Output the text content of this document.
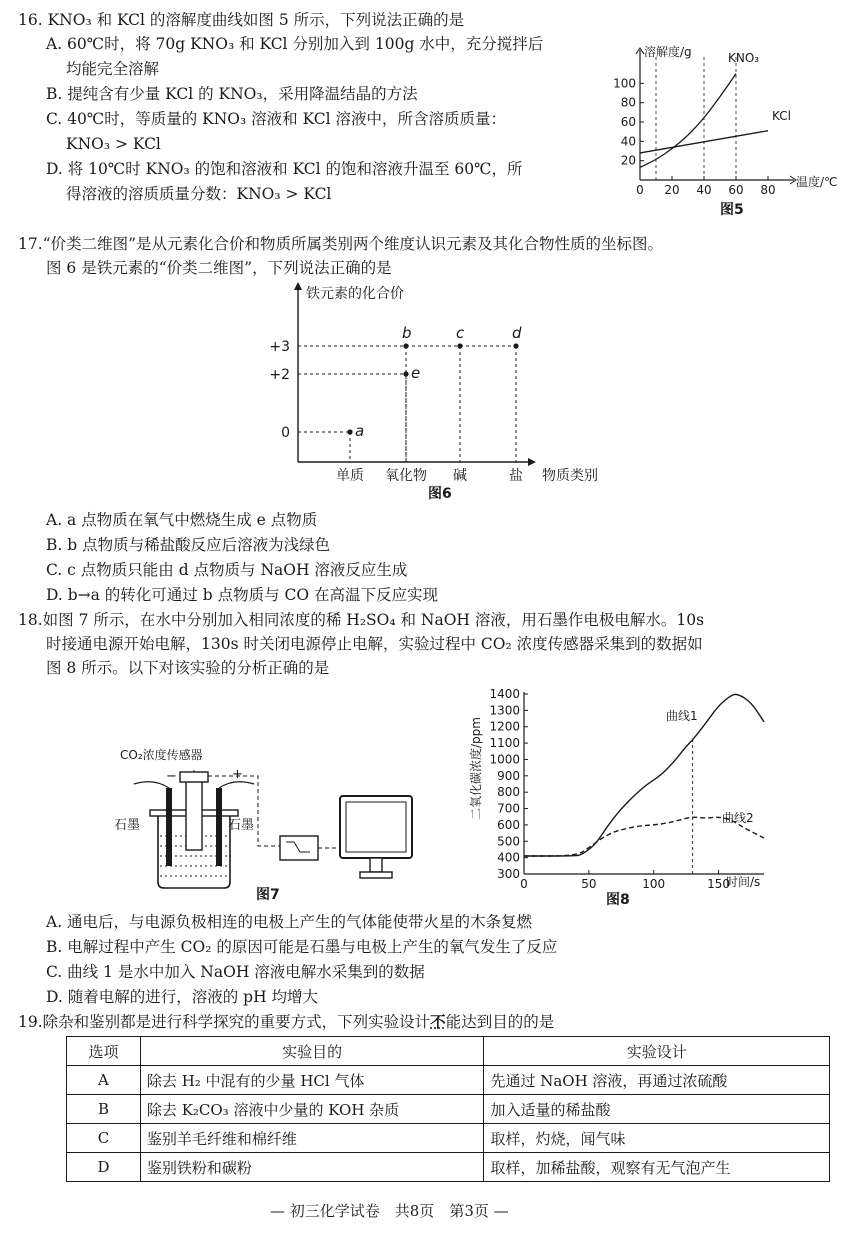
16. KNO₃ 和 KCl 的溶解度曲线如图 5 所示，下列说法正确的是
A. 60℃时，将 70g KNO₃ 和 KCl 分别加入到 100g 水中，充分搅拌后
均能完全溶解
B. 提纯含有少量 KCl 的 KNO₃，采用降温结晶的方法
C. 40℃时，等质量的 KNO₃ 溶液和 KCl 溶液中，所含溶质质量：
KNO₃ > KCl
D. 将 10℃时 KNO₃ 的饱和溶液和 KCl 的饱和溶液升温至 60℃，所
得溶液的溶质质量分数：KNO₃ > KCl
20
40
60
80
100
0 20 40 60 80
溶解度/g
温度/℃
KNO₃
KCl
图5
17.“价类二维图”是从元素化合价和物质所属类别两个维度认识元素及其化合物性质的坐标图。
图 6 是铁元素的“价类二维图”，下列说法正确的是
a
b
e
c	d
+3
+2
0
单质 氧化物 碱	盐
铁元素的化合价
物质类别
图6
A. a 点物质在氧气中燃烧生成 e 点物质
B. b 点物质与稀盐酸反应后溶液为浅绿色
C. c 点物质只能由 d 点物质与 NaOH 溶液反应生成
D. b→a 的转化可通过 b 点物质与 CO 在高温下反应实现
18.如图 7 所示，在水中分别加入相同浓度的稀 H₂SO₄ 和 NaOH 溶液，用石墨作电极电解水。10s
时接通电源开始电解，130s 时关闭电源停止电解，实验过程中 CO₂ 浓度传感器采集到的数据如
图 8 所示。以下对该实验的分析正确的是
−	+
CO₂浓度传感器
石墨	石墨
图7
300
400
500
600
700
800
900
1000
1100
1200
1300
1400
0	50	100	150
二氧化碳浓度/ppm
时间/s
曲线1
曲线2
图8
A. 通电后，与电源负极相连的电极上产生的气体能使带火星的木条复燃
B. 电解过程中产生 CO₂ 的原因可能是石墨与电极上产生的氧气发生了反应
C. 曲线 1 是水中加入 NaOH 溶液电解水采集到的数据
D. 随着电解的进行，溶液的 pH 均增大
19.除杂和鉴别都是进行科学探究的重要方式，下列实验设计不能达到目的的是
选项	实验目的	实验设计
A	除去 H₂ 中混有的少量 HCl 气体	先通过 NaOH 溶液，再通过浓硫酸
B	除去 K₂CO₃ 溶液中少量的 KOH 杂质	加入适量的稀盐酸
C	鉴别羊毛纤维和棉纤维	取样，灼烧，闻气味
D	鉴别铁粉和碳粉	取样，加稀盐酸，观察有无气泡产生
— 初三化学试卷　共8页　第3页 —
